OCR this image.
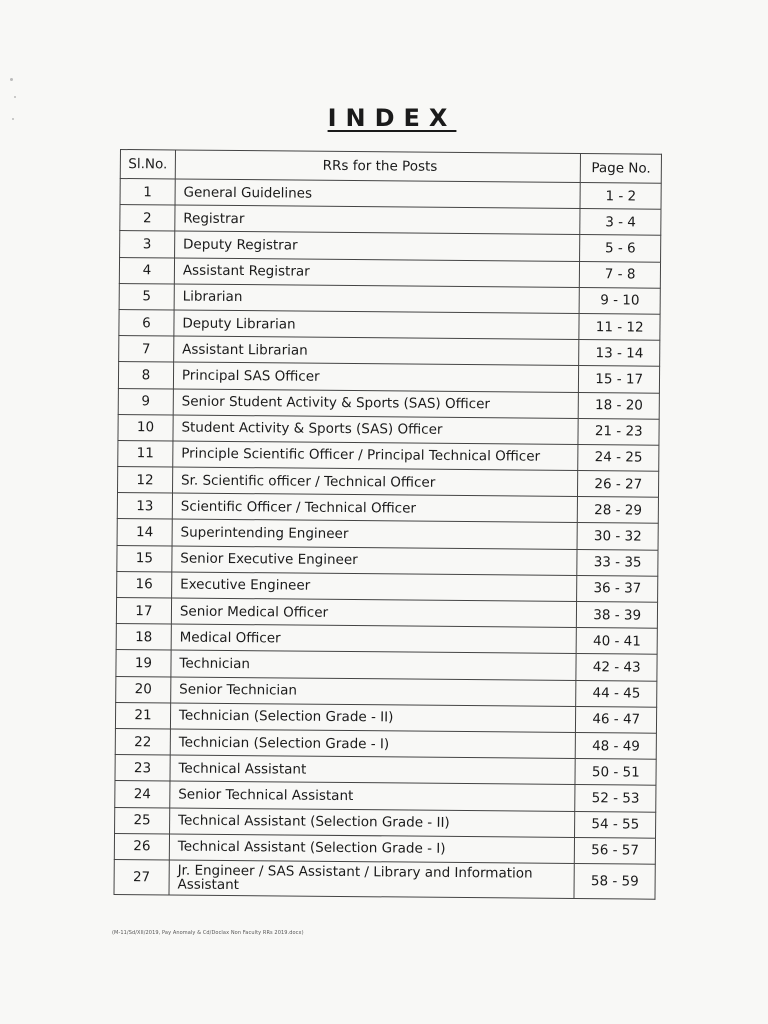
INDEX
Sl.No.	RRs for the Posts	Page No.
1	General Guidelines	1 - 2
2	Registrar	3 - 4
3	Deputy Registrar	5 - 6
4	Assistant Registrar	7 - 8
5	Librarian	9 - 10
6	Deputy Librarian	11 - 12
7	Assistant Librarian	13 - 14
8	Principal SAS Officer	15 - 17
9	Senior Student Activity & Sports (SAS) Officer	18 - 20
10	Student Activity & Sports (SAS) Officer	21 - 23
11	Principle Scientific Officer / Principal Technical Officer	24 - 25
12	Sr. Scientific officer / Technical Officer	26 - 27
13	Scientific Officer / Technical Officer	28 - 29
14	Superintending Engineer	30 - 32
15	Senior Executive Engineer	33 - 35
16	Executive Engineer	36 - 37
17	Senior Medical Officer	38 - 39
18	Medical Officer	40 - 41
19	Technician	42 - 43
20	Senior Technician	44 - 45
21	Technician (Selection Grade - II)	46 - 47
22	Technician (Selection Grade - I)	48 - 49
23	Technical Assistant	50 - 51
24	Senior Technical Assistant	52 - 53
25	Technical Assistant (Selection Grade - II)	54 - 55
26	Technical Assistant (Selection Grade - I)	56 - 57
27	Jr. Engineer / SAS Assistant / Library and Information Assistant	58 - 59
(M-11/Sd/XII/2019, Pay Anomaly & Cd/Doclax Non Faculty RRs 2019.docx)
